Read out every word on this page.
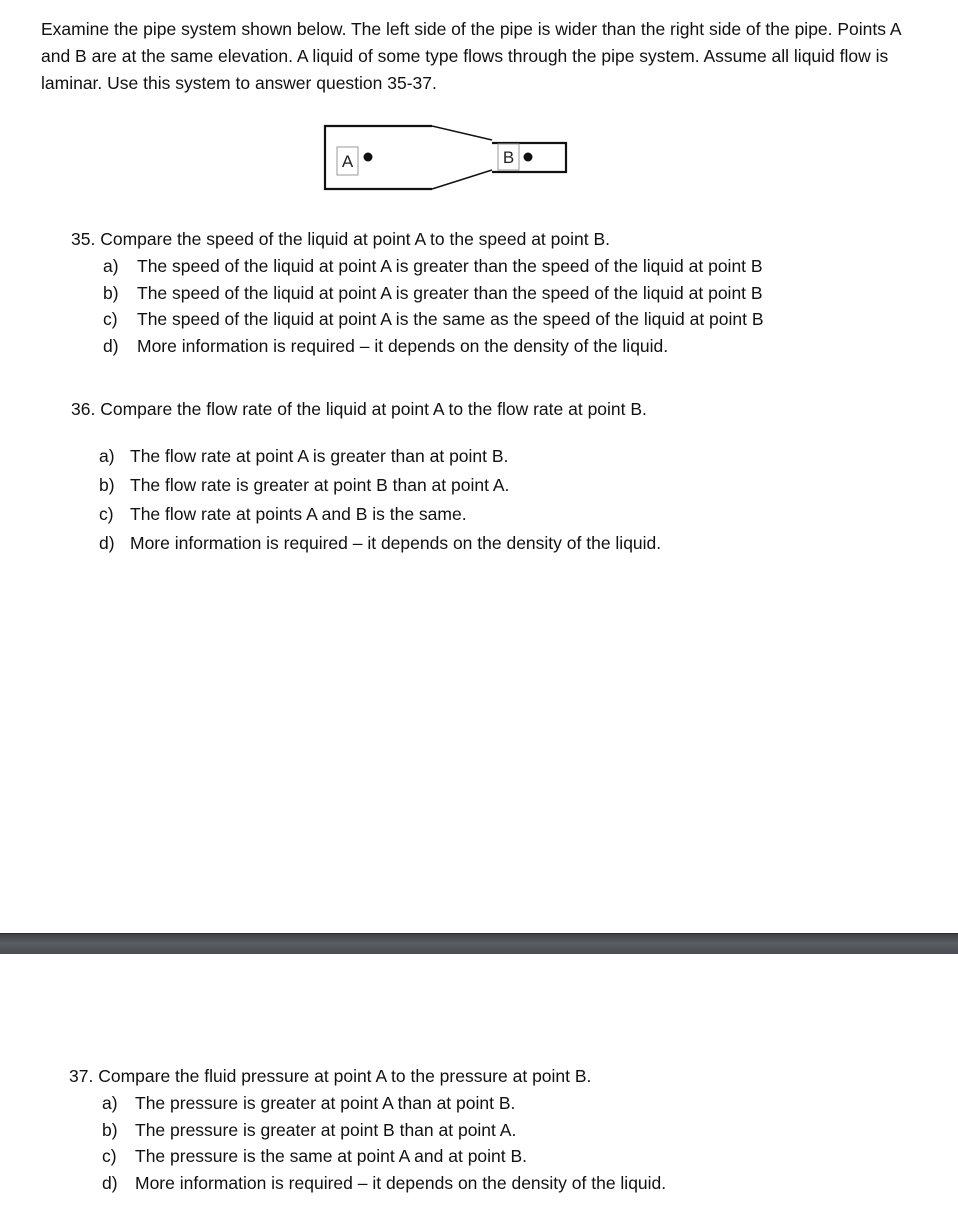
Examine the pipe system shown below. The left side of the pipe is wider than the right side of the pipe. Points A and B are at the same elevation. A liquid of some type flows through the pipe system. Assume all liquid flow is laminar. Use this system to answer question 35-37.

A	B

35. Compare the speed of the liquid at point A to the speed at point B.

a)	The speed of the liquid at point A is greater than the speed of the liquid at point B
b)	The speed of the liquid at point A is greater than the speed of the liquid at point B
c)	The speed of the liquid at point A is the same as the speed of the liquid at point B
d)	More information is required – it depends on the density of the liquid.

36. Compare the flow rate of the liquid at point A to the flow rate at point B.

a) The flow rate at point A is greater than at point B.
b) The flow rate is greater at point B than at point A.
c) The flow rate at points A and B is the same.
d) More information is required – it depends on the density of the liquid.

37. Compare the fluid pressure at point A to the pressure at point B.

a) The pressure is greater at point A than at point B.
b) The pressure is greater at point B than at point A.
c)	The pressure is the same at point A and at point B.
d) More information is required – it depends on the density of the liquid.
